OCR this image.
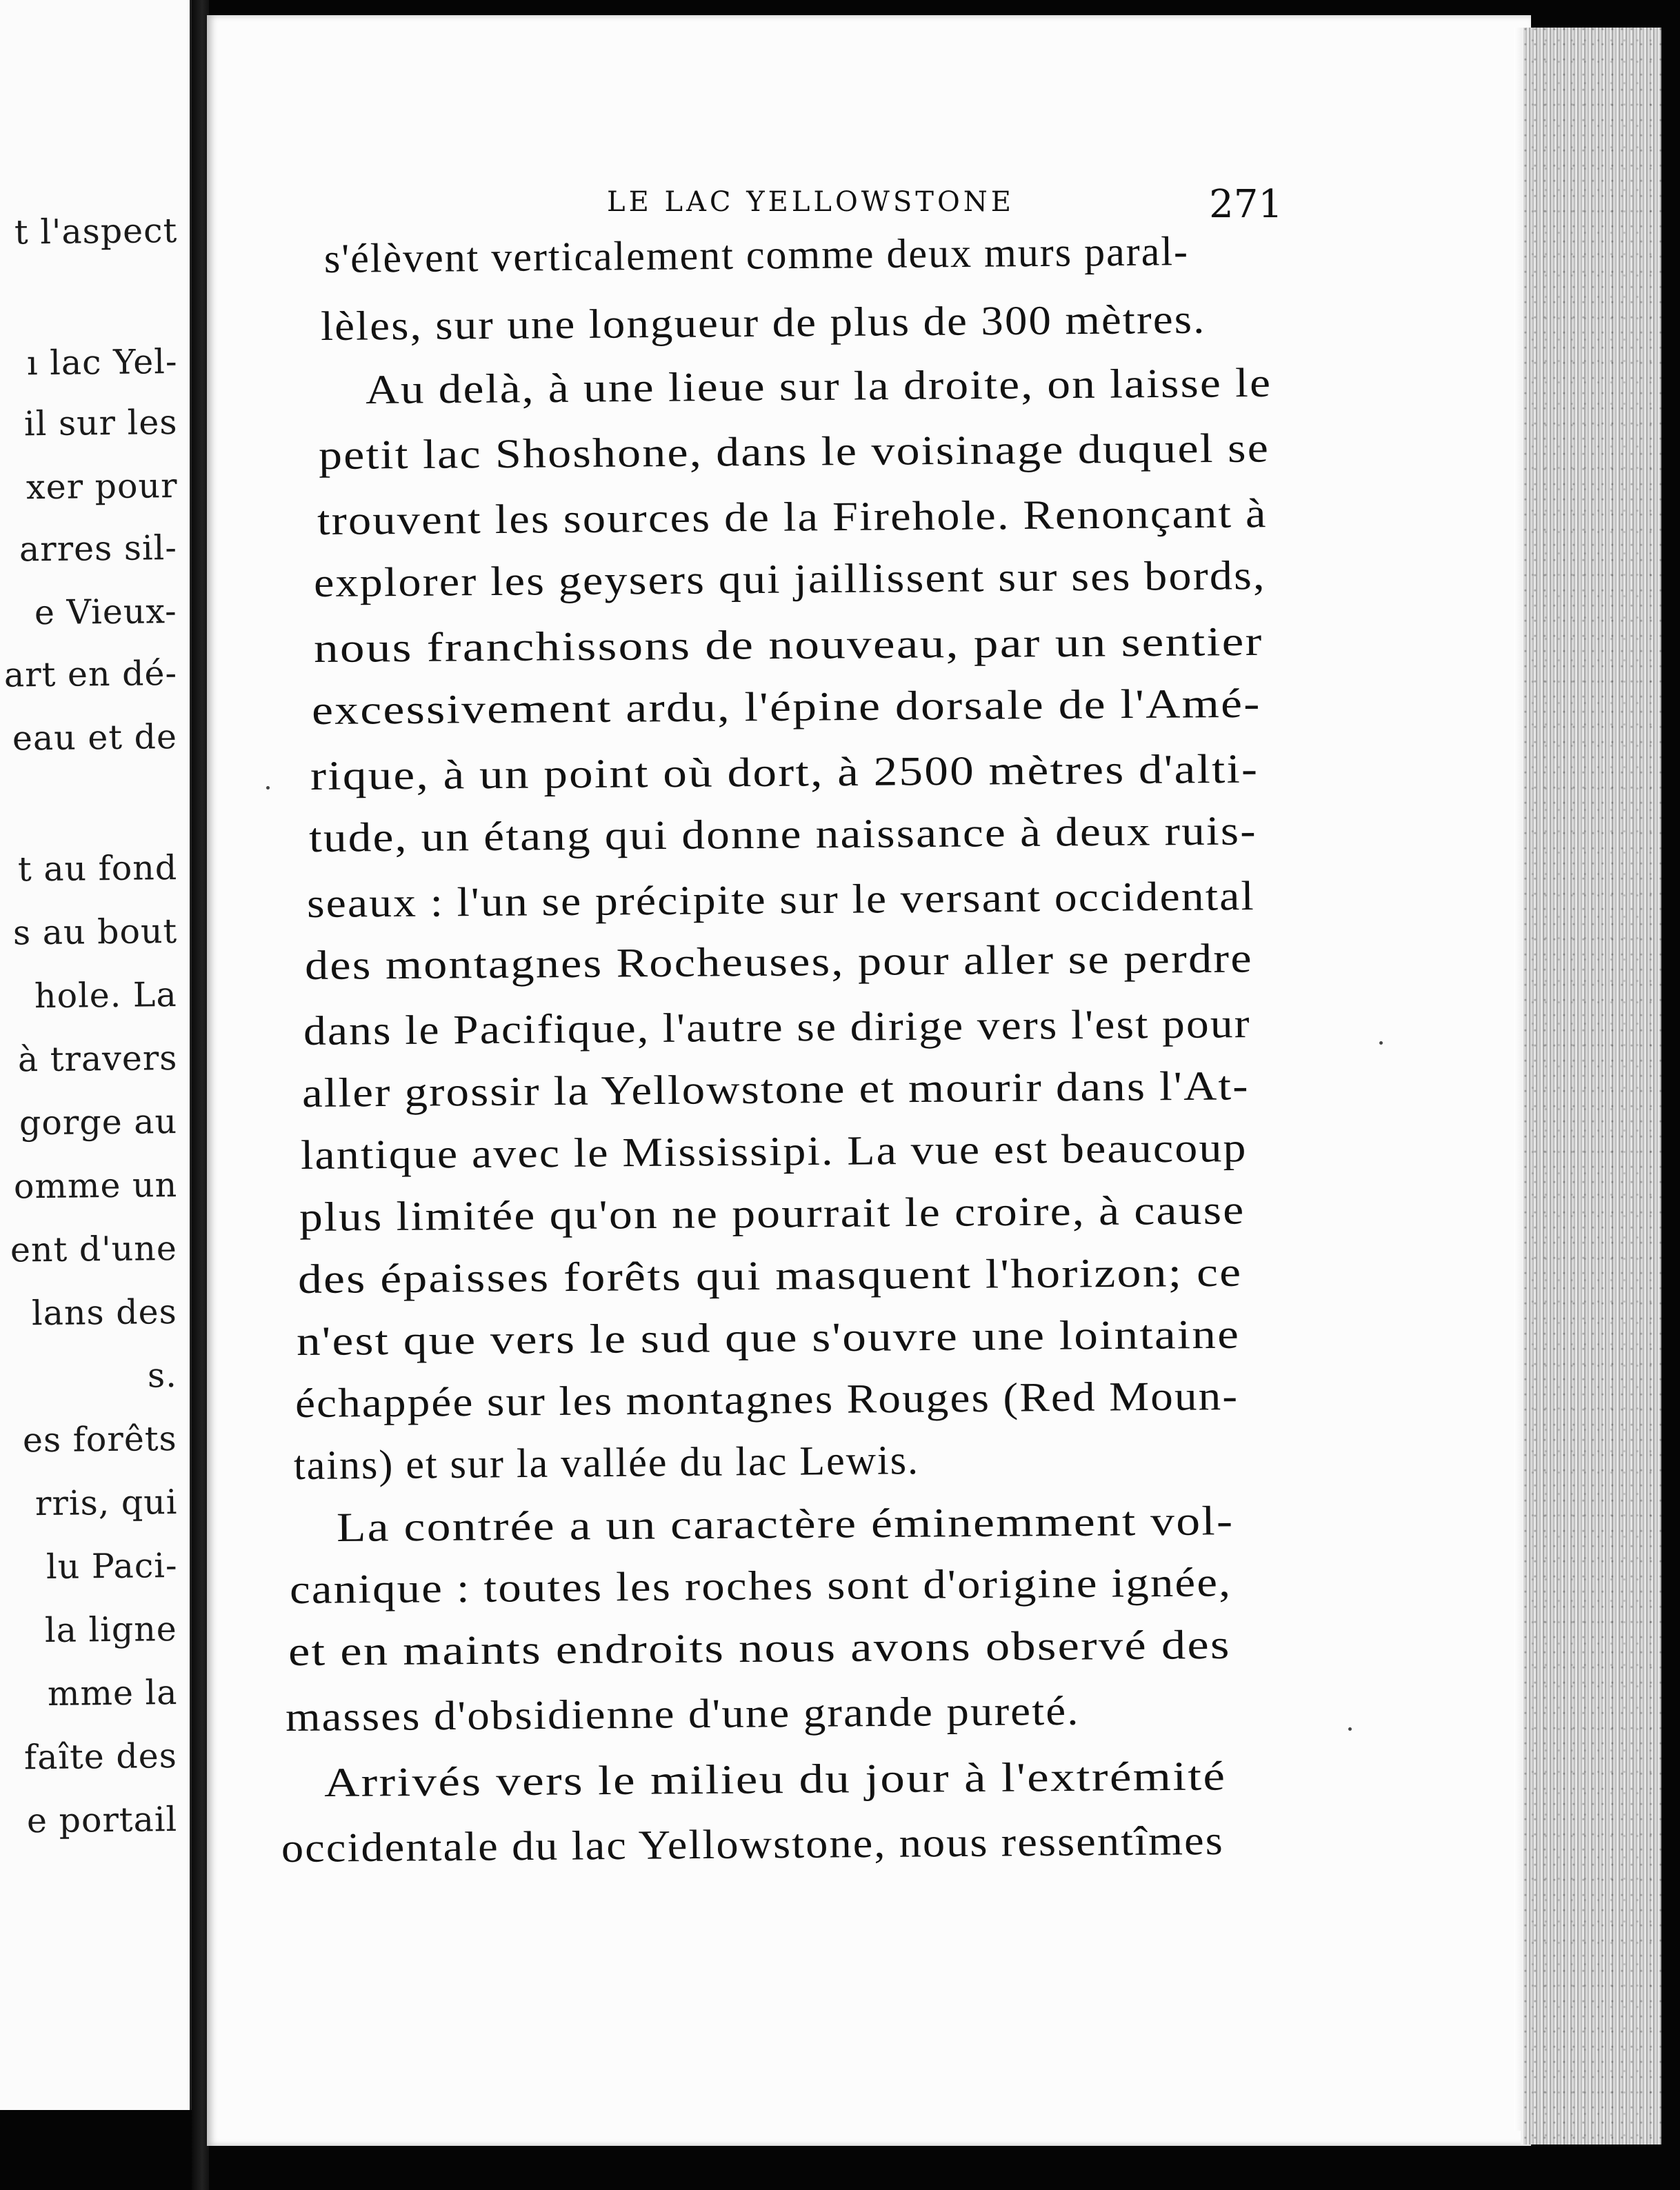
t l'aspect
ı lac Yel-
il sur les
xer pour
arres sil-
e Vieux-
art en dé-
eau et de
t au fond
s au bout
hole. La
à travers
gorge au
omme un
ent d'une
lans des
s.
es forêts
rris, qui
lu Paci-
la ligne
mme la
faîte des
e portail
LE LAC YELLOWSTONE	271
s'élèvent verticalement comme deux murs paral-
lèles, sur une longueur de plus de 300 mètres.
Au delà, à une lieue sur la droite, on laisse le
petit lac Shoshone, dans le voisinage duquel se
trouvent les sources de la Firehole. Renonçant à
explorer les geysers qui jaillissent sur ses bords,
nous franchissons de nouveau, par un sentier
excessivement ardu, l'épine dorsale de l'Amé-
rique, à un point où dort, à 2500 mètres d'alti-
tude, un étang qui donne naissance à deux ruis-
seaux : l'un se précipite sur le versant occidental
des montagnes Rocheuses, pour aller se perdre
dans le Pacifique, l'autre se dirige vers l'est pour
aller grossir la Yellowstone et mourir dans l'At-
lantique avec le Mississipi. La vue est beaucoup
plus limitée qu'on ne pourrait le croire, à cause
des épaisses forêts qui masquent l'horizon; ce
n'est que vers le sud que s'ouvre une lointaine
échappée sur les montagnes Rouges (Red Moun-
tains) et sur la vallée du lac Lewis.
La contrée a un caractère éminemment vol-
canique : toutes les roches sont d'origine ignée,
et en maints endroits nous avons observé des
masses d'obsidienne d'une grande pureté.
Arrivés vers le milieu du jour à l'extrémité
occidentale du lac Yellowstone, nous ressentîmes
